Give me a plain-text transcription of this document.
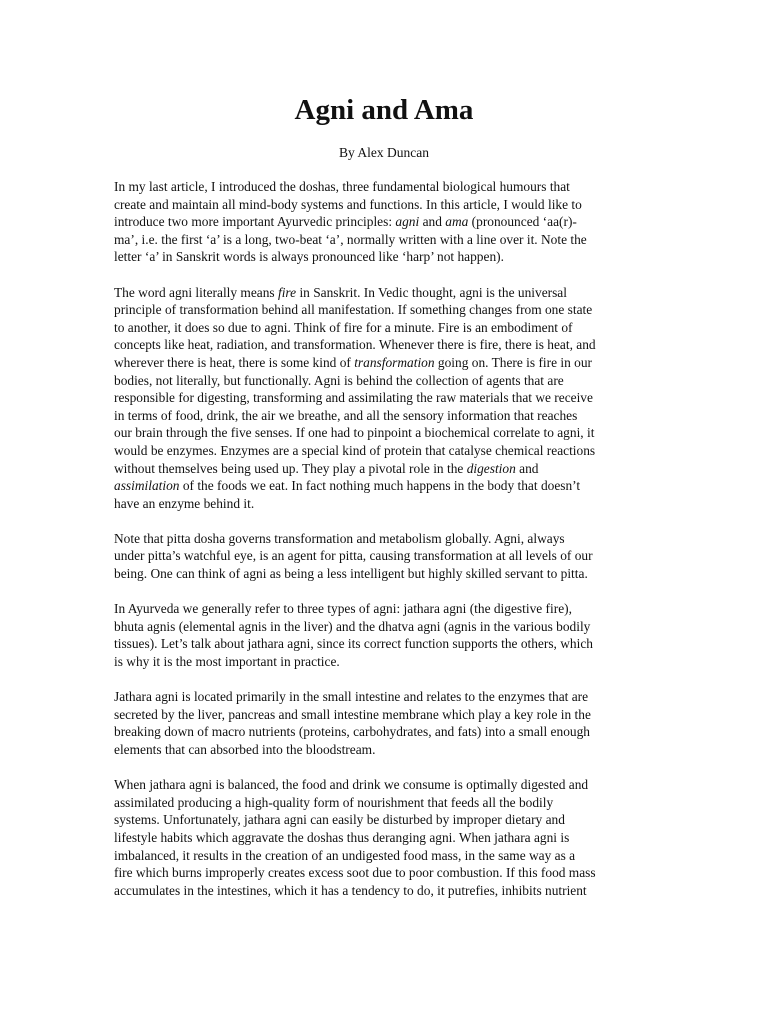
Agni and Ama

By Alex Duncan

In my last article, I introduced the doshas, three fundamental biological humours that
create and maintain all mind-body systems and functions. In this article, I would like to
introduce two more important Ayurvedic principles: agni and ama (pronounced ‘aa(r)-
ma’, i.e. the first ‘a’ is a long, two-beat ‘a’, normally written with a line over it. Note the
letter ‘a’ in Sanskrit words is always pronounced like ‘harp’ not happen).

The word agni literally means fire in Sanskrit. In Vedic thought, agni is the universal
principle of transformation behind all manifestation. If something changes from one state
to another, it does so due to agni. Think of fire for a minute. Fire is an embodiment of
concepts like heat, radiation, and transformation. Whenever there is fire, there is heat, and
wherever there is heat, there is some kind of transformation going on. There is fire in our
bodies, not literally, but functionally. Agni is behind the collection of agents that are
responsible for digesting, transforming and assimilating the raw materials that we receive
in terms of food, drink, the air we breathe, and all the sensory information that reaches
our brain through the five senses. If one had to pinpoint a biochemical correlate to agni, it
would be enzymes. Enzymes are a special kind of protein that catalyse chemical reactions
without themselves being used up. They play a pivotal role in the digestion and
assimilation of the foods we eat. In fact nothing much happens in the body that doesn’t
have an enzyme behind it.

Note that pitta dosha governs transformation and metabolism globally. Agni, always
under pitta’s watchful eye, is an agent for pitta, causing transformation at all levels of our
being. One can think of agni as being a less intelligent but highly skilled servant to pitta.

In Ayurveda we generally refer to three types of agni: jathara agni (the digestive fire),
bhuta agnis (elemental agnis in the liver) and the dhatva agni (agnis in the various bodily
tissues). Let’s talk about jathara agni, since its correct function supports the others, which
is why it is the most important in practice.

Jathara agni is located primarily in the small intestine and relates to the enzymes that are
secreted by the liver, pancreas and small intestine membrane which play a key role in the
breaking down of macro nutrients (proteins, carbohydrates, and fats) into a small enough
elements that can absorbed into the bloodstream.

When jathara agni is balanced, the food and drink we consume is optimally digested and
assimilated producing a high-quality form of nourishment that feeds all the bodily
systems. Unfortunately, jathara agni can easily be disturbed by improper dietary and
lifestyle habits which aggravate the doshas thus deranging agni. When jathara agni is
imbalanced, it results in the creation of an undigested food mass, in the same way as a
fire which burns improperly creates excess soot due to poor combustion. If this food mass
accumulates in the intestines, which it has a tendency to do, it putrefies, inhibits nutrient
